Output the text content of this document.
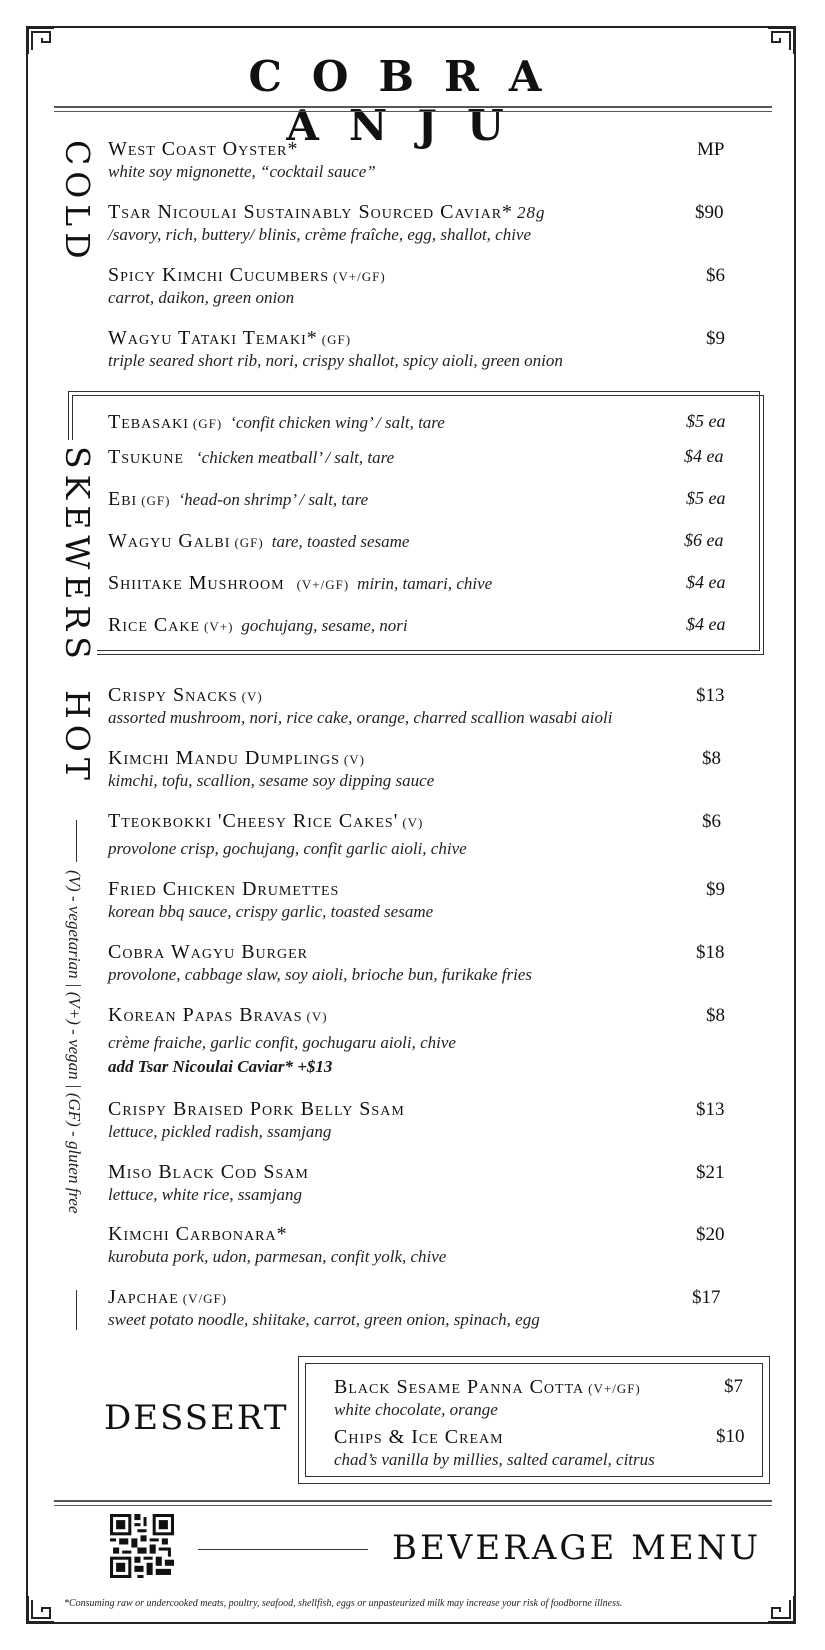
COBRA ANJU
COLD West Coast Oyster*
white soy mignonette, “cocktail sauce”
MP
Tsar Nicoulai Sustainably Sourced Caviar* 28g
/savory, rich, buttery/ blinis, crème fraîche, egg, shallot, chive
$90
Spicy Kimchi Cucumbers (V+/GF)
carrot, daikon, green onion
$6
Wagyu Tataki Temaki* (GF)
triple seared short rib, nori, crispy shallot, spicy aioli, green onion
$9
SKEWERS
Tebasaki (GF) ‘confit chicken wing’ / salt, tare	$5 ea
Tsukune ‘chicken meatball’ / salt, tare	$4 ea
Ebi (GF) ‘head-on shrimp’ / salt, tare	$5 ea
Wagyu Galbi (GF) tare, toasted sesame	$6 ea
Shiitake Mushroom (V+/GF) mirin, tamari, chive	$4 ea
Rice Cake (V+) gochujang, sesame, nori	$4 ea
HOT Crispy Snacks (V)
assorted mushroom, nori, rice cake, orange, charred scallion wasabi aioli
$13
Kimchi Mandu Dumplings (V)
kimchi, tofu, scallion, sesame soy dipping sauce
$8
Tteokbokki 'Cheesy Rice Cakes' (V)
provolone crisp, gochujang, confit garlic aioli, chive
$6
Fried Chicken Drumettes
korean bbq sauce, crispy garlic, toasted sesame
$9
Cobra Wagyu Burger
provolone, cabbage slaw, soy aioli, brioche bun, furikake fries
$18
Korean Papas Bravas (V)
crème fraiche, garlic confit, gochugaru aioli, chive
add Tsar Nicoulai Caviar* +$13
$8
Crispy Braised Pork Belly Ssam
lettuce, pickled radish, ssamjang
$13
Miso Black Cod Ssam
lettuce, white rice, ssamjang
$21
Kimchi Carbonara*
kurobuta pork, udon, parmesan, confit yolk, chive
$20
Japchae (V/GF)
sweet potato noodle, shiitake, carrot, green onion, spinach, egg
$17
(V) - vegetarian | (V+) - vegan | (GF) - gluten free
DESSERT
Black Sesame Panna Cotta (V+/GF)
white chocolate, orange
$7
Chips & Ice Cream
chad’s vanilla by millies, salted caramel, citrus
$10
BEVERAGE MENU
*Consuming raw or undercooked meats, poultry, seafood, shellfish, eggs or unpasteurized milk may increase your risk of foodborne illness.
